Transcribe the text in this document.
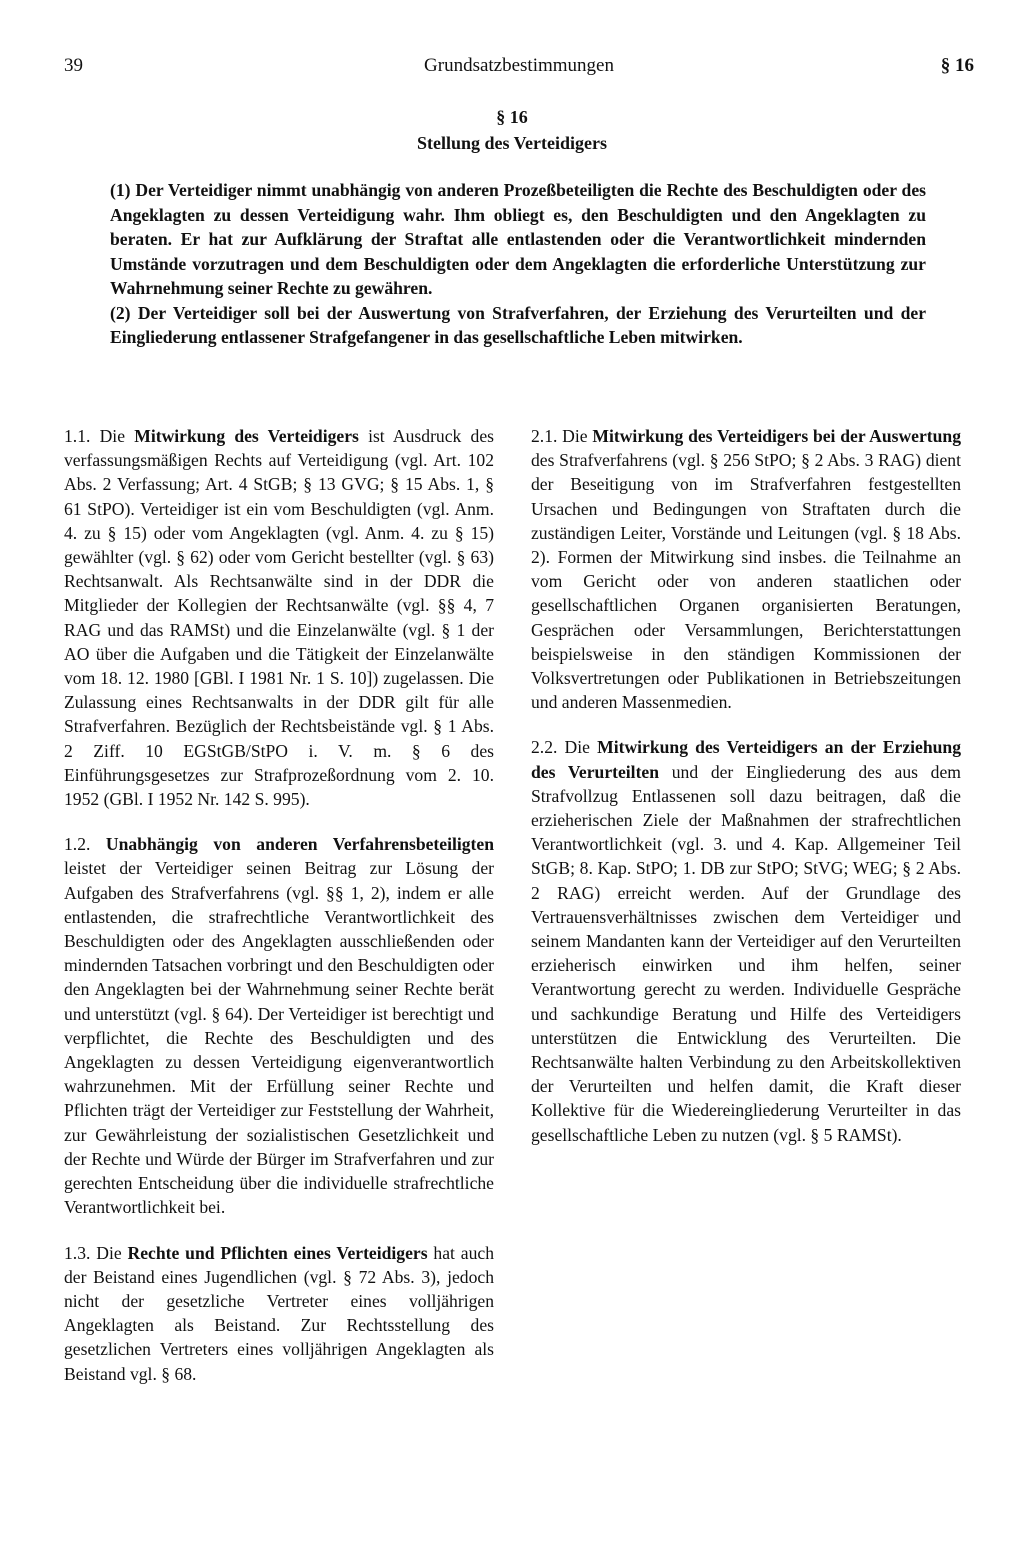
39	Grundsatzbestimmungen	§ 16
§ 16
Stellung des Verteidigers

(1) Der Verteidiger nimmt unabhängig von anderen Prozeßbeteiligten die Rechte des Beschuldigten oder des Angeklagten zu dessen Verteidigung wahr. Ihm obliegt es, den Beschuldigten und den Angeklagten zu beraten. Er hat zur Aufklärung der Straftat alle entlastenden oder die Verantwortlichkeit mindernden Umstände vorzutragen und dem Beschuldigten oder dem Angeklagten die erforderliche Unterstützung zur Wahrnehmung seiner Rechte zu gewähren.

(2) Der Verteidiger soll bei der Auswertung von Strafverfahren, der Erziehung des Verurteilten und der Eingliederung entlassener Strafgefangener in das gesellschaftliche Leben mitwirken.

1.1. Die Mitwirkung des Verteidigers ist Ausdruck des verfassungsmäßigen Rechts auf Verteidigung (vgl. Art. 102 Abs. 2 Verfassung; Art. 4 StGB; § 13 GVG; § 15 Abs. 1, § 61 StPO). Verteidiger ist ein vom Beschuldigten (vgl. Anm. 4. zu § 15) oder vom Angeklagten (vgl. Anm. 4. zu § 15) gewählter (vgl. § 62) oder vom Gericht bestellter (vgl. § 63) Rechtsanwalt. Als Rechtsanwälte sind in der DDR die Mitglieder der Kollegien der Rechtsanwälte (vgl. §§ 4, 7 RAG und das RAMSt) und die Einzelanwälte (vgl. § 1 der AO über die Aufgaben und die Tätigkeit der Einzelanwälte vom 18. 12. 1980 [GBl. I 1981 Nr. 1 S. 10]) zugelassen. Die Zulassung eines Rechtsanwalts in der DDR gilt für alle Strafverfahren. Bezüglich der Rechtsbeistände vgl. § 1 Abs. 2 Ziff. 10 EGStGB/StPO i. V. m. § 6 des Einführungsgesetzes zur Strafprozeßordnung vom 2. 10. 1952 (GBl. I 1952 Nr. 142 S. 995).

1.2. Unabhängig von anderen Verfahrensbeteiligten leistet der Verteidiger seinen Beitrag zur Lösung der Aufgaben des Strafverfahrens (vgl. §§ 1, 2), indem er alle entlastenden, die strafrechtliche Verantwortlichkeit des Beschuldigten oder des Angeklagten ausschließenden oder mindernden Tatsachen vorbringt und den Beschuldigten oder den Angeklagten bei der Wahrnehmung seiner Rechte berät und unterstützt (vgl. § 64). Der Verteidiger ist berechtigt und verpflichtet, die Rechte des Beschuldigten und des Angeklagten zu dessen Verteidigung eigenverantwortlich wahrzunehmen. Mit der Erfüllung seiner Rechte und Pflichten trägt der Verteidiger zur Feststellung der Wahrheit, zur Gewährleistung der sozialistischen Gesetzlichkeit und der Rechte und Würde der Bürger im Strafverfahren und zur gerechten Entscheidung über die individuelle strafrechtliche Verantwortlichkeit bei.

1.3. Die Rechte und Pflichten eines Verteidigers hat auch der Beistand eines Jugendlichen (vgl. § 72 Abs. 3), jedoch nicht der gesetzliche Vertreter eines volljährigen Angeklagten als Beistand. Zur Rechtsstellung des gesetzlichen Vertreters eines volljährigen Angeklagten als Beistand vgl. § 68.

2.1. Die Mitwirkung des Verteidigers bei der Auswertung des Strafverfahrens (vgl. § 256 StPO; § 2 Abs. 3 RAG) dient der Beseitigung von im Strafverfahren festgestellten Ursachen und Bedingungen von Straftaten durch die zuständigen Leiter, Vorstände und Leitungen (vgl. § 18 Abs. 2). Formen der Mitwirkung sind insbes. die Teilnahme an vom Gericht oder von anderen staatlichen oder gesellschaftlichen Organen organisierten Beratungen, Gesprächen oder Versammlungen, Berichterstattungen beispielsweise in den ständigen Kommissionen der Volksvertretungen oder Publikationen in Betriebszeitungen und anderen Massenmedien.

2.2. Die Mitwirkung des Verteidigers an der Erziehung des Verurteilten und der Eingliederung des aus dem Strafvollzug Entlassenen soll dazu beitragen, daß die erzieherischen Ziele der Maßnahmen der strafrechtlichen Verantwortlichkeit (vgl. 3. und 4. Kap. Allgemeiner Teil StGB; 8. Kap. StPO; 1. DB zur StPO; StVG; WEG; § 2 Abs. 2 RAG) erreicht werden. Auf der Grundlage des Vertrauensverhältnisses zwischen dem Verteidiger und seinem Mandanten kann der Verteidiger auf den Verurteilten erzieherisch einwirken und ihm helfen, seiner Verantwortung gerecht zu werden. Individuelle Gespräche und sachkundige Beratung und Hilfe des Verteidigers unterstützen die Entwicklung des Verurteilten. Die Rechtsanwälte halten Verbindung zu den Arbeitskollektiven der Verurteilten und helfen damit, die Kraft dieser Kollektive für die Wiedereingliederung Verurteilter in das gesellschaftliche Leben zu nutzen (vgl. § 5 RAMSt).
